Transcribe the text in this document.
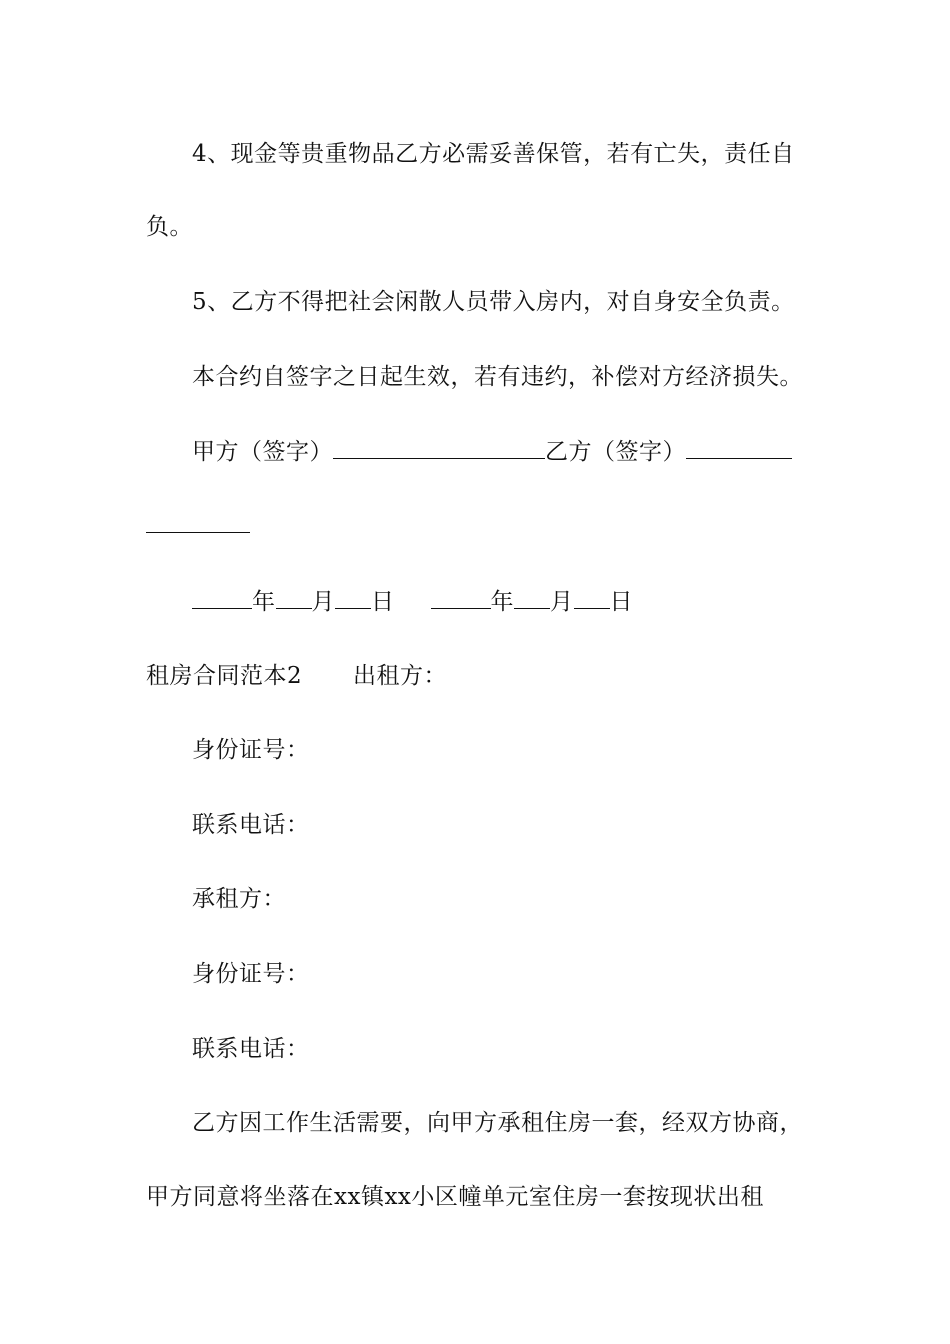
4、现金等贵重物品乙方必需妥善保管，若有亡失，责任自
负。
5、乙方不得把社会闲散人员带入房内，对自身安全负责。
本合约自签字之日起生效，若有违约，补偿对方经济损失。
甲方（签字）	乙方（签字）
年 月 日	年 月 日
租房合同范本2 出租方：
身份证号：
联系电话：
承租方：
身份证号：
联系电话：
乙方因工作生活需要，向甲方承租住房一套，经双方协商，
甲方同意将坐落在xx镇xx小区幢单元室住房一套按现状出租
